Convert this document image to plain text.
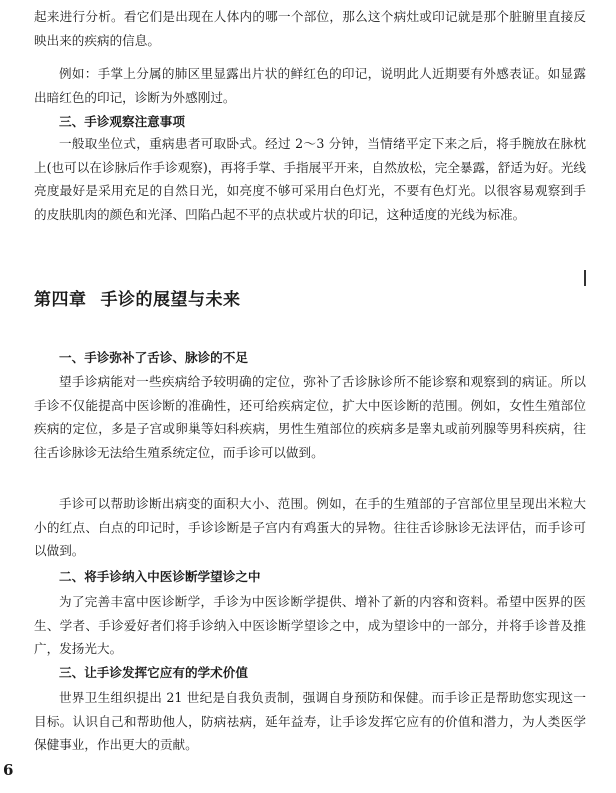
起来进行分析。看它们是出现在人体内的哪一个部位，那么这个病灶或印记就是那个脏腑里直接反映出来的疾病的信息。

例如：手掌上分属的肺区里显露出片状的鲜红色的印记，说明此人近期要有外感表证。如显露出暗红色的印记，诊断为外感刚过。

三、手诊观察注意事项

一般取坐位式，重病患者可取卧式。经过 2～3 分钟，当情绪平定下来之后，将手腕放在脉枕上(也可以在诊脉后作手诊观察)，再将手掌、手指展平开来，自然放松，完全暴露，舒适为好。光线亮度最好是采用充足的自然日光，如亮度不够可采用白色灯光，不要有色灯光。以很容易观察到手的皮肤肌肉的颜色和光泽、凹陷凸起不平的点状或片状的印记，这种适度的光线为标准。

第四章 手诊的展望与未来

一、手诊弥补了舌诊、脉诊的不足

望手诊病能对一些疾病给予较明确的定位，弥补了舌诊脉诊所不能诊察和观察到的病证。所以手诊不仅能提高中医诊断的准确性，还可给疾病定位，扩大中医诊断的范围。例如，女性生殖部位疾病的定位，多是子宫或卵巢等妇科疾病，男性生殖部位的疾病多是睾丸或前列腺等男科疾病，往往舌诊脉诊无法给生殖系统定位，而手诊可以做到。

手诊可以帮助诊断出病变的面积大小、范围。例如，在手的生殖部的子宫部位里呈现出米粒大小的红点、白点的印记时，手诊诊断是子宫内有鸡蛋大的异物。往往舌诊脉诊无法评估，而手诊可以做到。

二、将手诊纳入中医诊断学望诊之中

为了完善丰富中医诊断学，手诊为中医诊断学提供、增补了新的内容和资料。希望中医界的医生、学者、手诊爱好者们将手诊纳入中医诊断学望诊之中，成为望诊中的一部分，并将手诊普及推广，发扬光大。

三、让手诊发挥它应有的学术价值

世界卫生组织提出 21 世纪是自我负责制，强调自身预防和保健。而手诊正是帮助您实现这一目标。认识自己和帮助他人，防病祛病，延年益寿，让手诊发挥它应有的价值和潜力，为人类医学保健事业，作出更大的贡献。

6
